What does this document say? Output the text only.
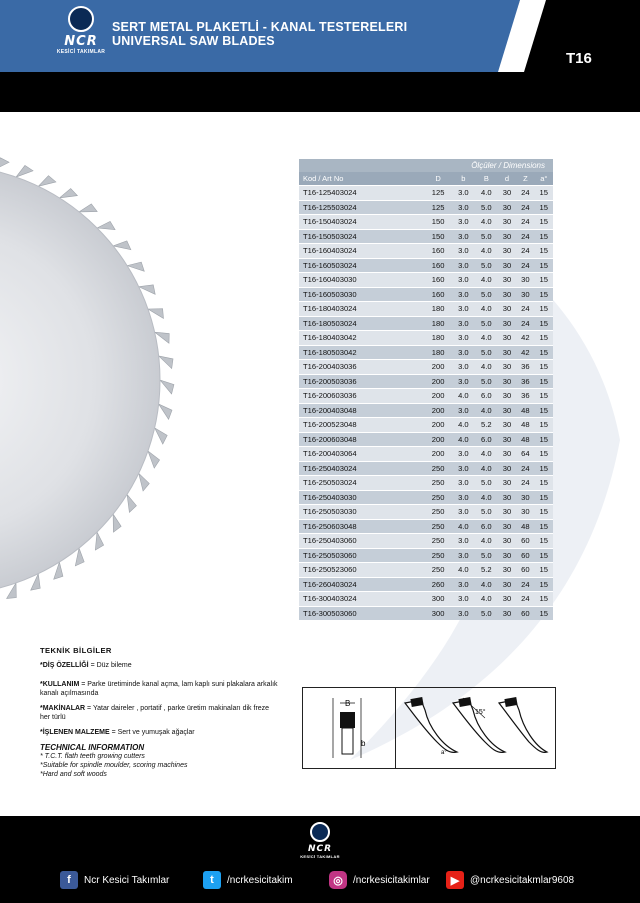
NCR
KESİCİ TAKIMLAR
SERT METAL PLAKETLİ - KANAL TESTERELERI
UNIVERSAL SAW BLADES
T16
Ölçüler / Dimensions
Kod / Art No	D	b	B	d	Z	a°
T16-125403024	125	3.0	4.0	30	24	15
T16-125503024	125	3.0	5.0	30	24	15
T16-150403024	150	3.0	4.0	30	24	15
T16-150503024	150	3.0	5.0	30	24	15
T16-160403024	160	3.0	4.0	30	24	15
T16-160503024	160	3.0	5.0	30	24	15
T16-160403030	160	3.0	4.0	30	30	15
T16-160503030	160	3.0	5.0	30	30	15
T16-180403024	180	3.0	4.0	30	24	15
T16-180503024	180	3.0	5.0	30	24	15
T16-180403042	180	3.0	4.0	30	42	15
T16-180503042	180	3.0	5.0	30	42	15
T16-200403036	200	3.0	4.0	30	36	15
T16-200503036	200	3.0	5.0	30	36	15
T16-200603036	200	4.0	6.0	30	36	15
T16-200403048	200	3.0	4.0	30	48	15
T16-200523048	200	4.0	5.2	30	48	15
T16-200603048	200	4.0	6.0	30	48	15
T16-200403064	200	3.0	4.0	30	64	15
T16-250403024	250	3.0	4.0	30	24	15
T16-250503024	250	3.0	5.0	30	24	15
T16-250403030	250	3.0	4.0	30	30	15
T16-250503030	250	3.0	5.0	30	30	15
T16-250603048	250	4.0	6.0	30	48	15
T16-250403060	250	3.0	4.0	30	60	15
T16-250503060	250	3.0	5.0	30	60	15
T16-250523060	250	4.0	5.2	30	60	15
T16-260403024	260	3.0	4.0	30	24	15
T16-300403024	300	3.0	4.0	30	24	15
T16-300503060	300	3.0	5.0	30	60	15

TEKNİK BİLGİLER

*DİŞ ÖZELLİĞİ = Düz bileme

*KULLANIM = Parke üretiminde kanal açma, lam kaplı suni plakalara arkalık kanalı açılmasında

*MAKİNALAR = Yatar daireler , portatif , parke üretim makinaları dik freze her türlü

*İŞLENEN MALZEME = Sert ve yumuşak ağaçlar

TECHNICAL INFORMATION
* T.C.T. flath teeth growing cutters
*Suitable for spindle moulder, scoring machines
*Hard and soft woods
B
b
15°
a°
NCR
KESİCİ TAKIMLAR
f	Ncr Kesici Takımlar	t	/ncrkesicitakim	◎	/ncrkesicitakimlar	▶	@ncrkesicitakmlar9608
